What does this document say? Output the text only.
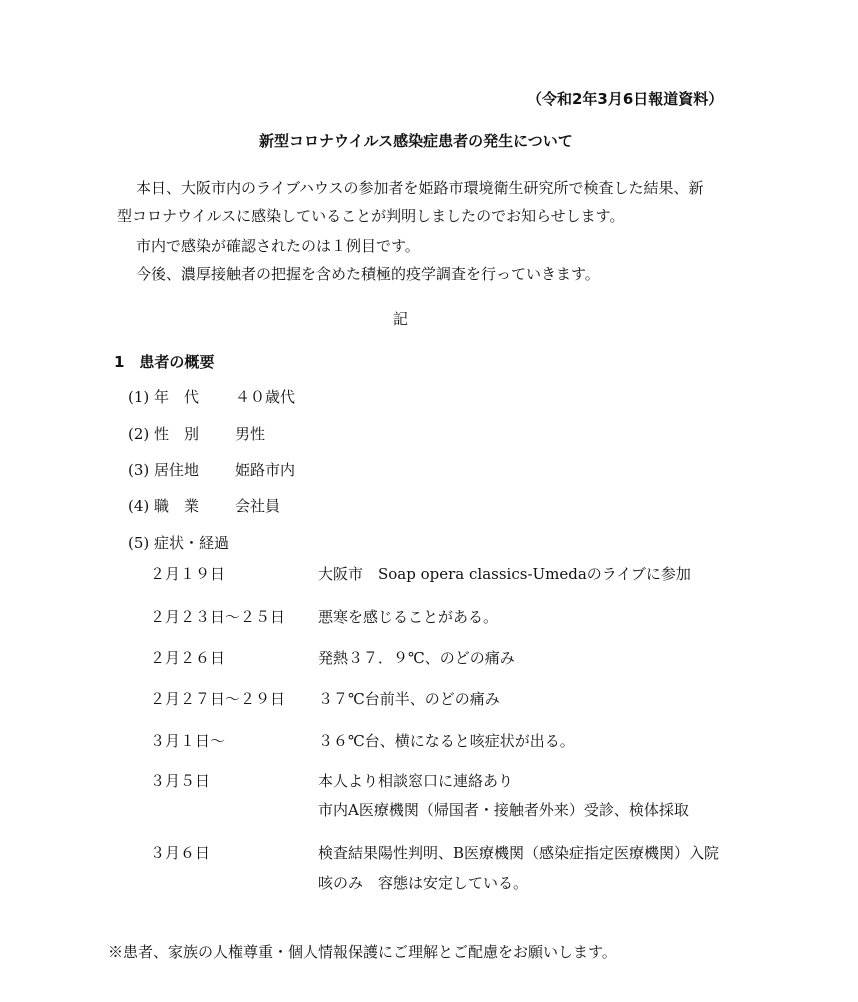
（令和2年3月6日報道資料）
新型コロナウイルス感染症患者の発生について
本日、大阪市内のライブハウスの参加者を姫路市環境衛生研究所で検査した結果、新
型コロナウイルスに感染していることが判明しましたのでお知らせします。
市内で感染が確認されたのは１例目です。
今後、濃厚接触者の把握を含めた積極的疫学調査を行っていきます。
記
1　患者の概要
(1) 年　代 ４０歳代
(2) 性　別 男性
(3) 居住地 姫路市内
(4) 職　業 会社員
(5) 症状・経過
２月１９日	大阪市　Soap opera classics-Umedaのライブに参加
２月２３日～２５日 悪寒を感じることがある。
２月２６日	発熱３７．９℃、のどの痛み
２月２７日～２９日 ３７℃台前半、のどの痛み
３月１日～	３６℃台、横になると咳症状が出る。
３月５日	本人より相談窓口に連絡あり
市内A医療機関（帰国者・接触者外来）受診、検体採取
３月６日	検査結果陽性判明、B医療機関（感染症指定医療機関）入院
咳のみ　容態は安定している。
※患者、家族の人権尊重・個人情報保護にご理解とご配慮をお願いします。
